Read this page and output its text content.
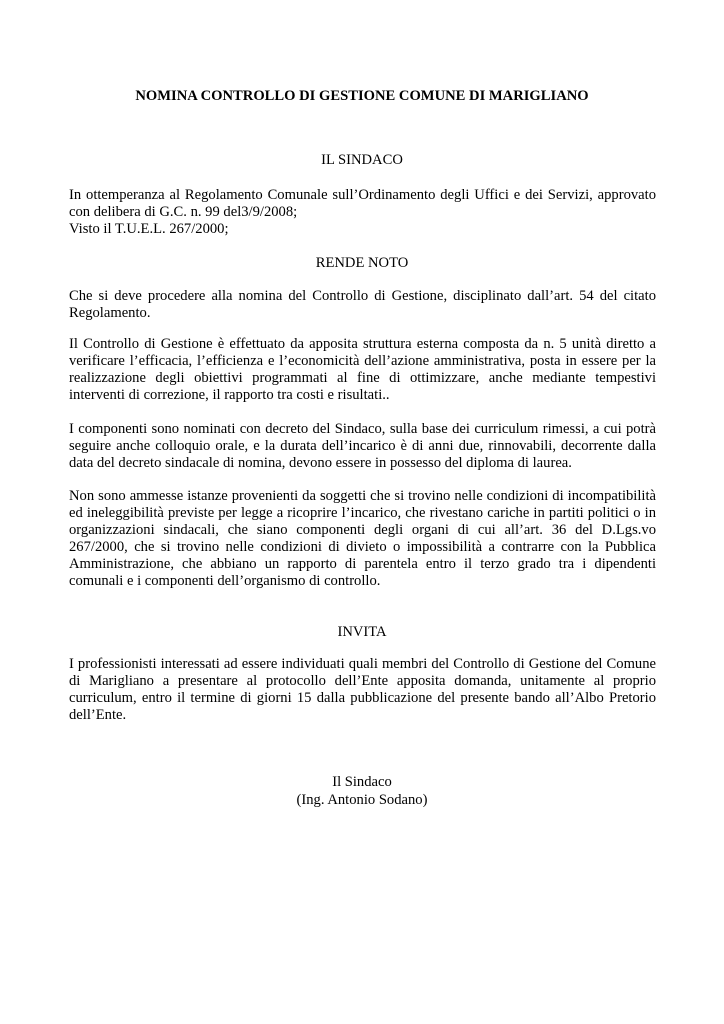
NOMINA CONTROLLO DI GESTIONE COMUNE DI MARIGLIANO
IL SINDACO
In ottemperanza al Regolamento Comunale sull’Ordinamento degli Uffici e dei Servizi, approvato
con delibera di G.C. n. 99 del3/9/2008;
Visto il T.U.E.L. 267/2000;
RENDE NOTO
Che si deve procedere alla nomina del Controllo di Gestione, disciplinato dall’art. 54 del citato
Regolamento.
Il Controllo di Gestione è effettuato da apposita struttura esterna composta da n. 5 unità diretto a
verificare l’efficacia, l’efficienza e l’economicità dell’azione amministrativa, posta in essere per la
realizzazione degli obiettivi programmati al fine di ottimizzare, anche mediante tempestivi
interventi di correzione, il rapporto tra costi e risultati..
I componenti sono nominati con decreto del Sindaco, sulla base dei curriculum rimessi, a cui potrà
seguire anche colloquio orale, e la durata dell’incarico è di anni due, rinnovabili, decorrente dalla
data del decreto sindacale di nomina, devono essere in possesso del diploma di laurea.
Non sono ammesse istanze provenienti da soggetti che si trovino nelle condizioni di incompatibilità
ed ineleggibilità previste per legge a ricoprire l’incarico, che rivestano cariche in partiti politici o in
organizzazioni sindacali, che siano componenti degli organi di cui all’art. 36 del D.Lgs.vo
267/2000, che si trovino nelle condizioni di divieto o impossibilità a contrarre con la Pubblica
Amministrazione, che abbiano un rapporto di parentela entro il terzo grado tra i dipendenti
comunali e i componenti dell’organismo di controllo.
INVITA
I professionisti interessati ad essere individuati quali membri del Controllo di Gestione del Comune
di Marigliano a presentare al protocollo dell’Ente apposita domanda, unitamente al proprio
curriculum, entro il termine di giorni 15 dalla pubblicazione del presente bando all’Albo Pretorio
dell’Ente.
Il Sindaco
(Ing. Antonio Sodano)
